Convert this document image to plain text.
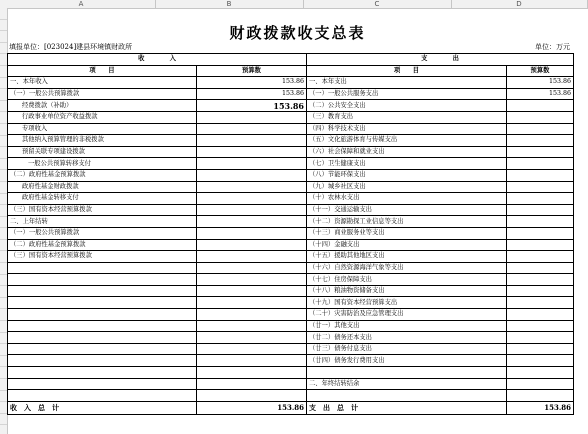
A	B	C	D
财政拨款收支总表
填报单位：[023024]建县环境镇财政所	单位：万元
收　　　　入		支　　　　出	
项　　目	预算数	项　　目	预算数
一、本年收入	153.86	一、本年支出	153.86
（一）一般公共预算拨款	153.86	（一）一般公共服务支出	153.86
经费拨款（补助）	153.86	（二）公共安全支出	
行政事业单位资产收益拨款		（三）教育支出	
专项收入		（四）科学技术支出	
其他纳入预算管理的非税拨款		（五）文化旅游体育与传媒支出	
预留关联专项建设拨款		（六）社会保障和就业支出	
一般公共预算转移支付		（七）卫生健康支出	
（二）政府性基金预算拨款		（八）节能环保支出	
政府性基金财政拨款		（九）城乡社区支出	
政府性基金转移支付		（十）农林水支出	
（三）国有资本经营预算拨款		（十一）交通运输支出	
二、上年结转		（十二）资源勘探工业信息等支出	
（一）一般公共预算拨款		（十三）商业服务业等支出	
（二）政府性基金预算拨款		（十四）金融支出	
（三）国有资本经营预算拨款		（十五）援助其他地区支出	
		（十六）自然资源海洋气象等支出	
		（十七）住房保障支出	
		（十八）粮油物资储备支出	
		（十九）国有资本经营预算支出	
		（二十）灾害防治及应急管理支出	
		（廿一）其他支出	
		（廿二）债务还本支出	
		（廿三）债务付息支出	
		（廿四）债务发行费用支出	

		二、年终结转结余	

收　入　总　计	153.86	支　出　总　计	153.86
